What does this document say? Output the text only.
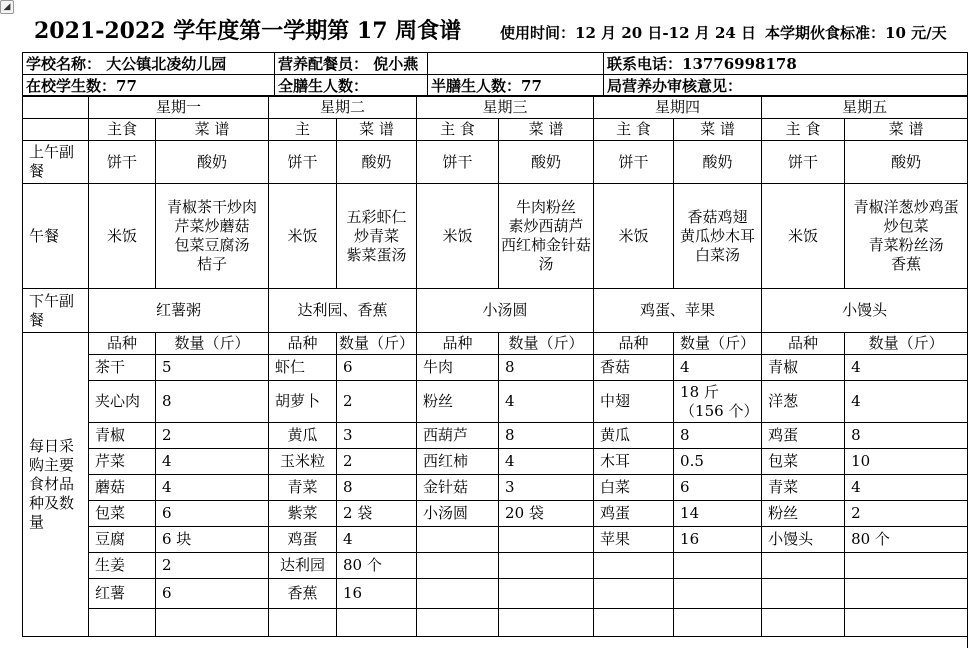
◢
2021-2022 学年度第一学期第 17 周食谱	使用时间：12 月 20 日-12 月 24 日 本学期伙食标准：10 元/天
学校名称： 大公镇北凌幼儿园	营养配餐员： 倪小燕		联系电话：13776998178
在校学生数：77	全膳生人数：	半膳生人数：77	局营养办审核意见：
	星期一		星期二		星期三		星期四		星期五	
	主食	菜 谱	主	菜 谱	主 食	菜 谱	主 食	菜 谱	主 食	菜 谱
上午副餐	饼干	酸奶	饼干	酸奶	饼干	酸奶	饼干	酸奶	饼干	酸奶
午餐	米饭	青椒茶干炒肉
芹菜炒蘑菇
包菜豆腐汤
桔子	米饭	五彩虾仁
炒青菜
紫菜蛋汤	米饭	牛肉粉丝
素炒西葫芦
西红柿金针菇汤	米饭	香菇鸡翅
黄瓜炒木耳
白菜汤	米饭	青椒洋葱炒鸡蛋
炒包菜
青菜粉丝汤
香蕉
下午副餐	红薯粥		达利园、香蕉		小汤圆		鸡蛋、苹果		小馒头	
每日采购主要食材品种及数量	品种	数量（斤）	品种	数量（斤）	品种	数量（斤）	品种	数量（斤）	品种	数量（斤）
	茶干	5	虾仁	6	牛肉	8	香菇	4	青椒	4
	夹心肉	8	胡萝卜	2	粉丝	4	中翅	18 斤
（156 个）	洋葱	4
	青椒	2	黄瓜	3	西葫芦	8	黄瓜	8	鸡蛋	8
	芹菜	4	玉米粒	2	西红柿	4	木耳	0.5	包菜	10
	蘑菇	4	青菜	8	金针菇	3	白菜	6	青菜	4
	包菜	6	紫菜	2 袋	小汤圆	20 袋	鸡蛋	14	粉丝	2
	豆腐	6 块	鸡蛋	4			苹果	16	小馒头	80 个
	生姜	2	达利园	80 个						
	红薯	6	香蕉	16						
